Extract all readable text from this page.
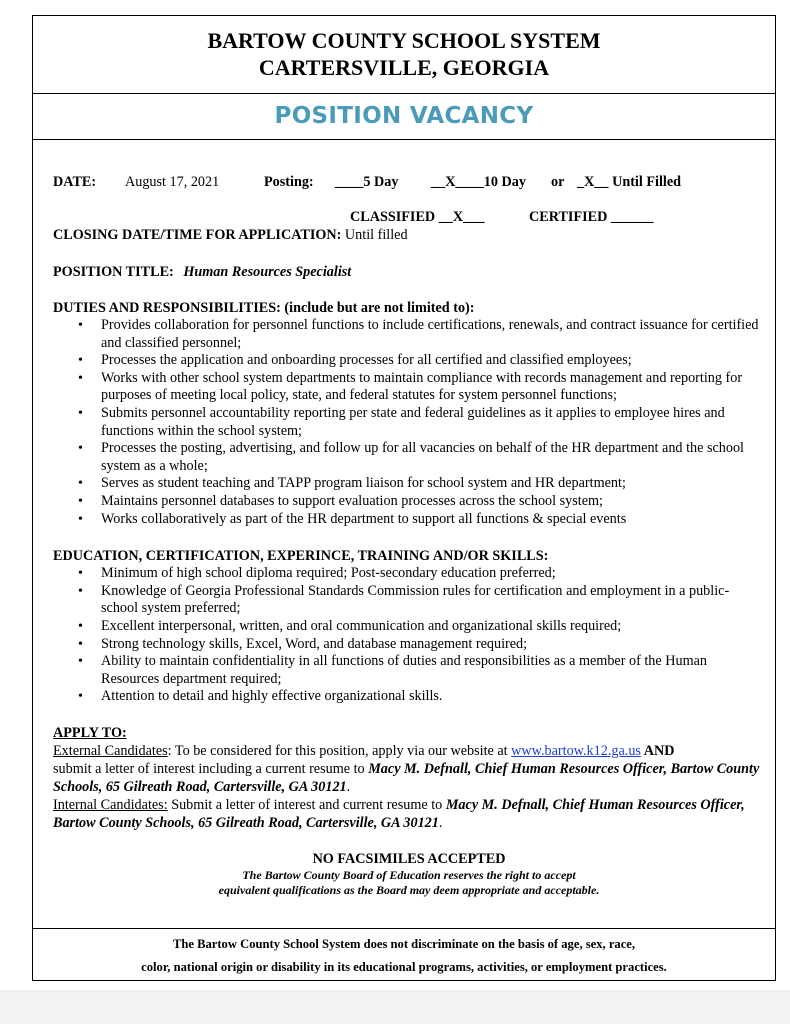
BARTOW COUNTY SCHOOL SYSTEM
CARTERSVILLE, GEORGIA
POSITION VACANCY
DATE: August 17, 2021	Posting: ____5 Day __X____10 Day or _X__ Until Filled
CLASSIFIED __X___	CERTIFIED ______
CLOSING DATE/TIME FOR APPLICATION: Until filled
POSITION TITLE: Human Resources Specialist
DUTIES AND RESPONSIBILITIES: (include but are not limited to):
• Provides collaboration for personnel functions to include certifications, renewals, and contract issuance for certified and classified personnel;
• Processes the application and onboarding processes for all certified and classified employees;
• Works with other school system departments to maintain compliance with records management and reporting for purposes of meeting local policy, state, and federal statutes for system personnel functions;
• Submits personnel accountability reporting per state and federal guidelines as it applies to employee hires and functions within the school system;
• Processes the posting, advertising, and follow up for all vacancies on behalf of the HR department and the school system as a whole;
• Serves as student teaching and TAPP program liaison for school system and HR department;
• Maintains personnel databases to support evaluation processes across the school system;
• Works collaboratively as part of the HR department to support all functions & special events
EDUCATION, CERTIFICATION, EXPERINCE, TRAINING AND/OR SKILLS:
• Minimum of high school diploma required; Post-secondary education preferred;
• Knowledge of Georgia Professional Standards Commission rules for certification and employment in a public-school system preferred;
• Excellent interpersonal, written, and oral communication and organizational skills required;
• Strong technology skills, Excel, Word, and database management required;
• Ability to maintain confidentiality in all functions of duties and responsibilities as a member of the Human Resources department required;
• Attention to detail and highly effective organizational skills.
APPLY TO:
External Candidates: To be considered for this position, apply via our website at www.bartow.k12.ga.us AND
submit a letter of interest including a current resume to Macy M. Defnall, Chief Human Resources Officer, Bartow County Schools, 65 Gilreath Road, Cartersville, GA 30121.
Internal Candidates: Submit a letter of interest and current resume to Macy M. Defnall, Chief Human Resources Officer, Bartow County Schools, 65 Gilreath Road, Cartersville, GA 30121.
NO FACSIMILES ACCEPTED
The Bartow County Board of Education reserves the right to accept
equivalent qualifications as the Board may deem appropriate and acceptable.
The Bartow County School System does not discriminate on the basis of age, sex, race,
color, national origin or disability in its educational programs, activities, or employment practices.
